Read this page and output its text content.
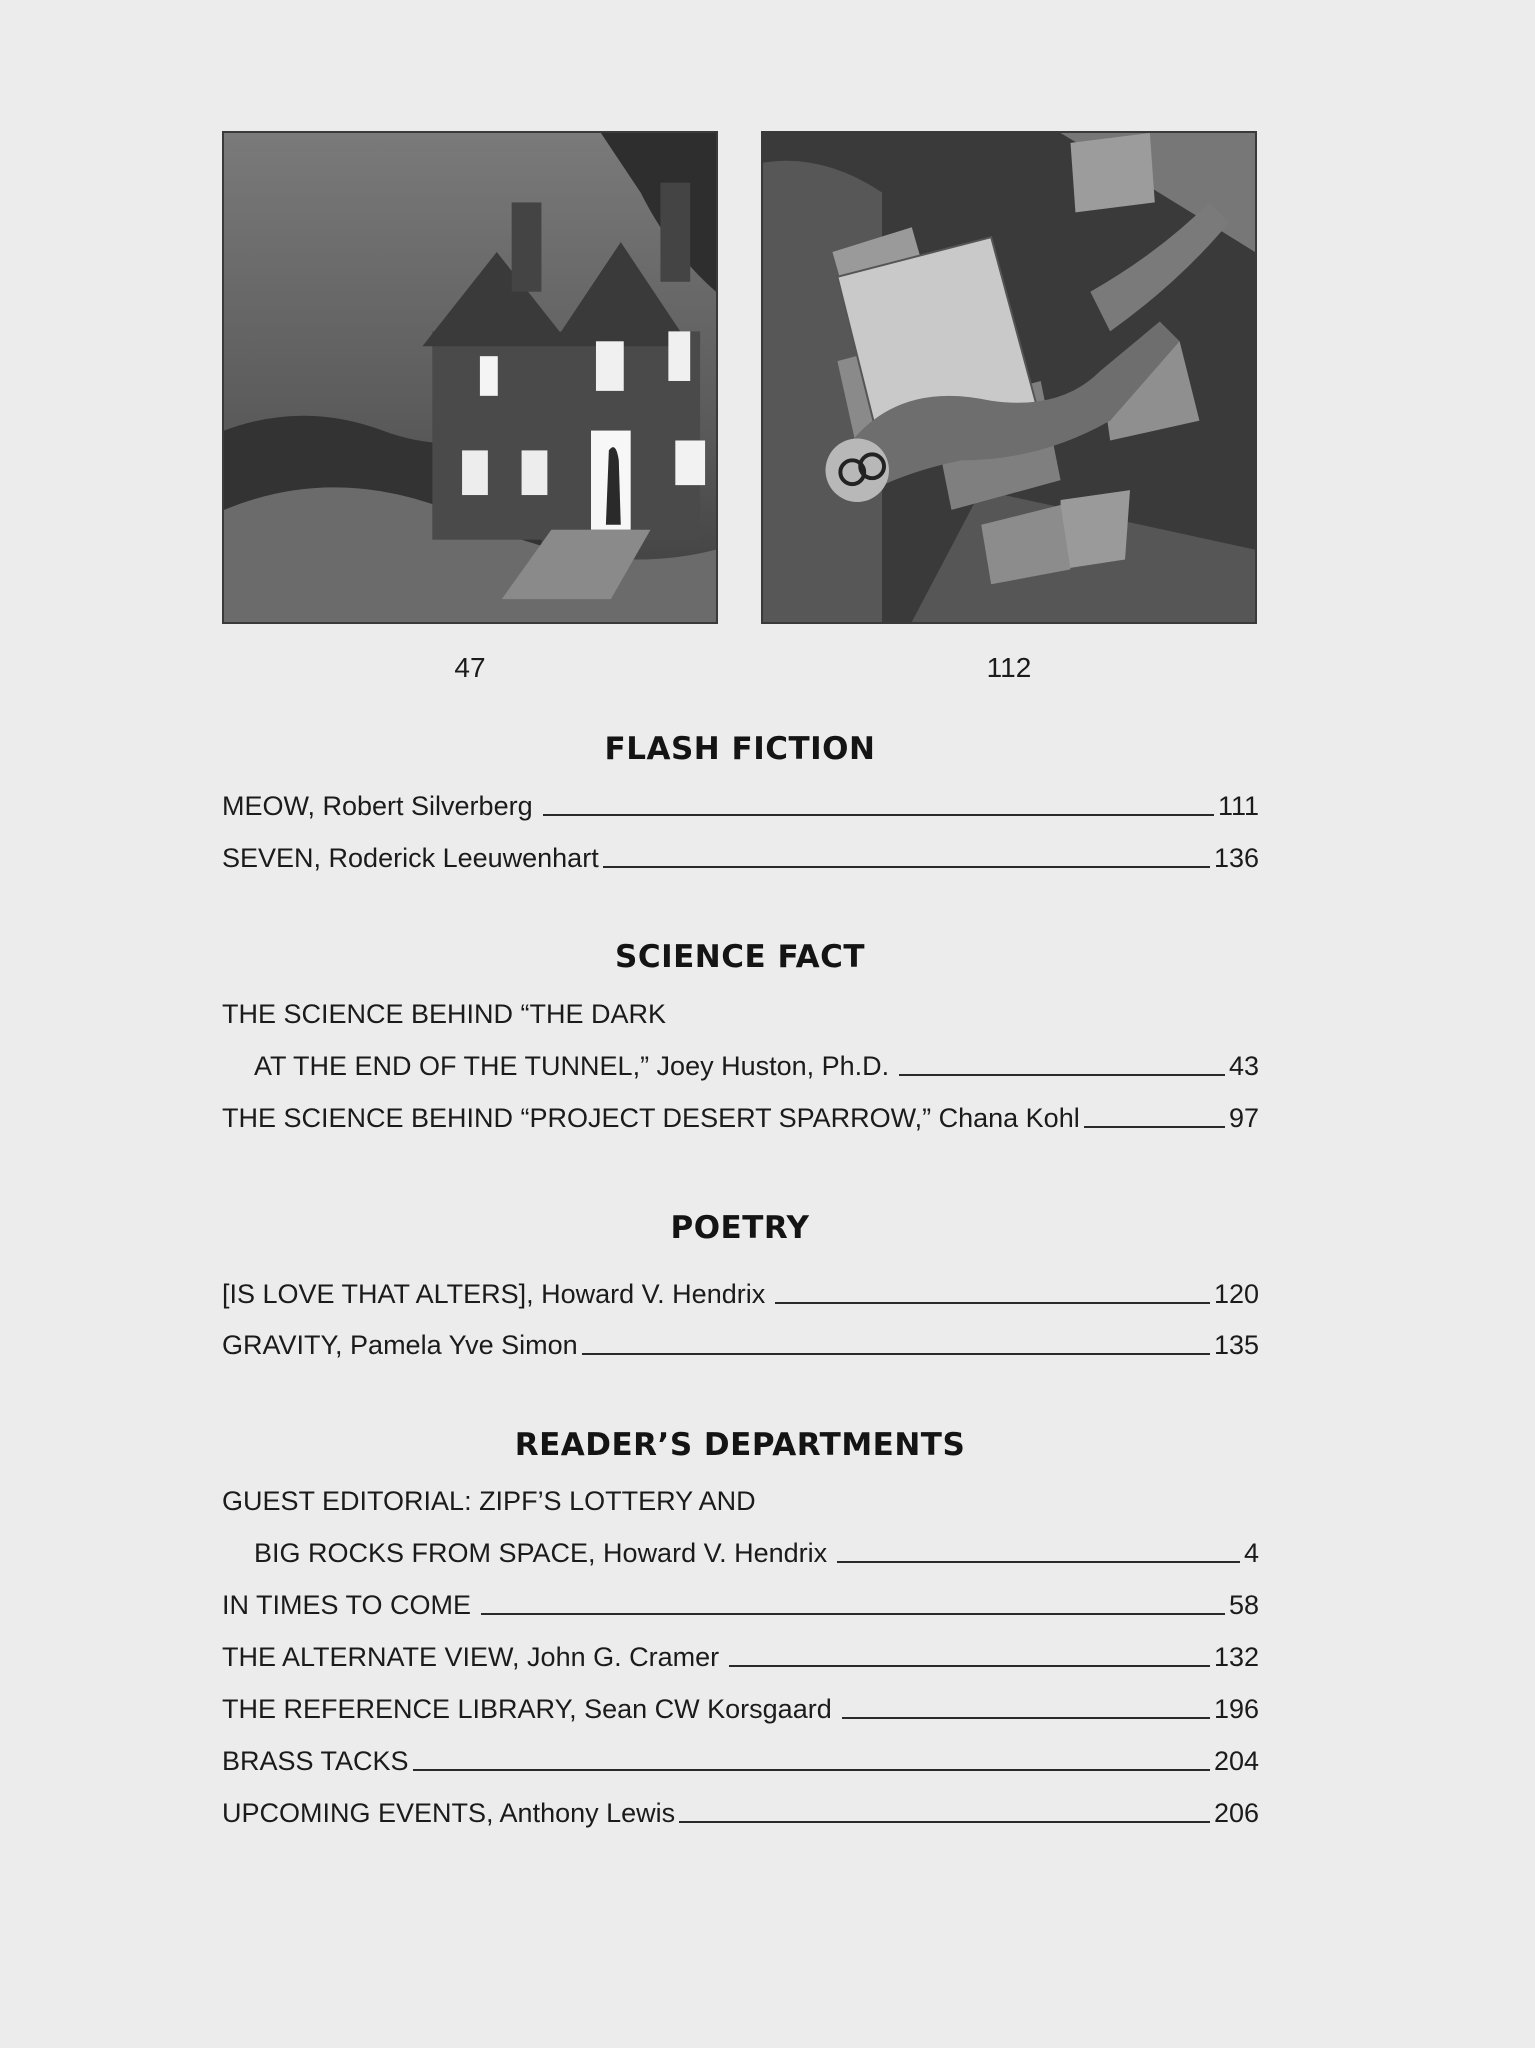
47	112
FLASH FICTION
MEOW, Robert Silverberg	111
SEVEN, Roderick Leeuwenhart	136
SCIENCE FACT
THE SCIENCE BEHIND “THE DARK
AT THE END OF THE TUNNEL,” Joey Huston, Ph.D.	43
THE SCIENCE BEHIND “PROJECT DESERT SPARROW,” Chana Kohl	97
POETRY
[IS LOVE THAT ALTERS], Howard V. Hendrix	120
GRAVITY, Pamela Yve Simon	135
READER’S DEPARTMENTS
GUEST EDITORIAL: ZIPF’S LOTTERY AND
BIG ROCKS FROM SPACE, Howard V. Hendrix	4
IN TIMES TO COME	58
THE ALTERNATE VIEW, John G. Cramer	132
THE REFERENCE LIBRARY, Sean CW Korsgaard	196
BRASS TACKS	204
UPCOMING EVENTS, Anthony Lewis	206
